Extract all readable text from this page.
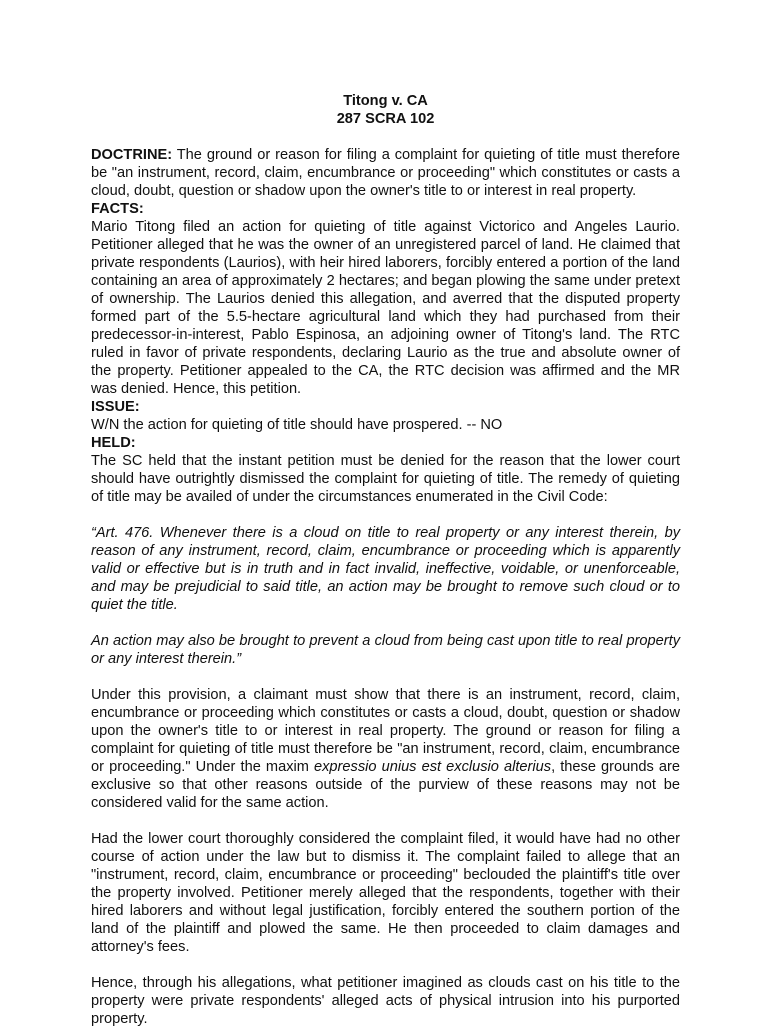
Titong v. CA

287 SCRA 102

DOCTRINE: The ground or reason for filing a complaint for quieting of title must therefore be "an instrument, record, claim, encumbrance or proceeding" which constitutes or casts a cloud, doubt, question or shadow upon the owner's title to or interest in real property.

FACTS:

Mario Titong filed an action for quieting of title against Victorico and Angeles Laurio. Petitioner alleged that he was the owner of an unregistered parcel of land. He claimed that private respondents (Laurios), with heir hired laborers, forcibly entered a portion of the land containing an area of approximately 2 hectares; and began plowing the same under pretext of ownership. The Laurios denied this allegation, and averred that the disputed property formed part of the 5.5-hectare agricultural land which they had purchased from their predecessor-in-interest, Pablo Espinosa, an adjoining owner of Titong's land. The RTC ruled in favor of private respondents, declaring Laurio as the true and absolute owner of the property. Petitioner appealed to the CA, the RTC decision was affirmed and the MR was denied. Hence, this petition.

ISSUE:

W/N the action for quieting of title should have prospered. -- NO

HELD:

The SC held that the instant petition must be denied for the reason that the lower court should have outrightly dismissed the complaint for quieting of title. The remedy of quieting of title may be availed of under the circumstances enumerated in the Civil Code:

“Art. 476. Whenever there is a cloud on title to real property or any interest therein, by reason of any instrument, record, claim, encumbrance or proceeding which is apparently valid or effective but is in truth and in fact invalid, ineffective, voidable, or unenforceable, and may be prejudicial to said title, an action may be brought to remove such cloud or to quiet the title.

An action may also be brought to prevent a cloud from being cast upon title to real property or any interest therein.”

Under this provision, a claimant must show that there is an instrument, record, claim, encumbrance or proceeding which constitutes or casts a cloud, doubt, question or shadow upon the owner's title to or interest in real property. The ground or reason for filing a complaint for quieting of title must therefore be "an instrument, record, claim, encumbrance or proceeding." Under the maxim expressio unius est exclusio alterius, these grounds are exclusive so that other reasons outside of the purview of these reasons may not be considered valid for the same action.

Had the lower court thoroughly considered the complaint filed, it would have had no other course of action under the law but to dismiss it. The complaint failed to allege that an "instrument, record, claim, encumbrance or proceeding" beclouded the plaintiff's title over the property involved. Petitioner merely alleged that the respondents, together with their hired laborers and without legal justification, forcibly entered the southern portion of the land of the plaintiff and plowed the same. He then proceeded to claim damages and attorney's fees.

Hence, through his allegations, what petitioner imagined as clouds cast on his title to the property were private respondents' alleged acts of physical intrusion into his purported property.
